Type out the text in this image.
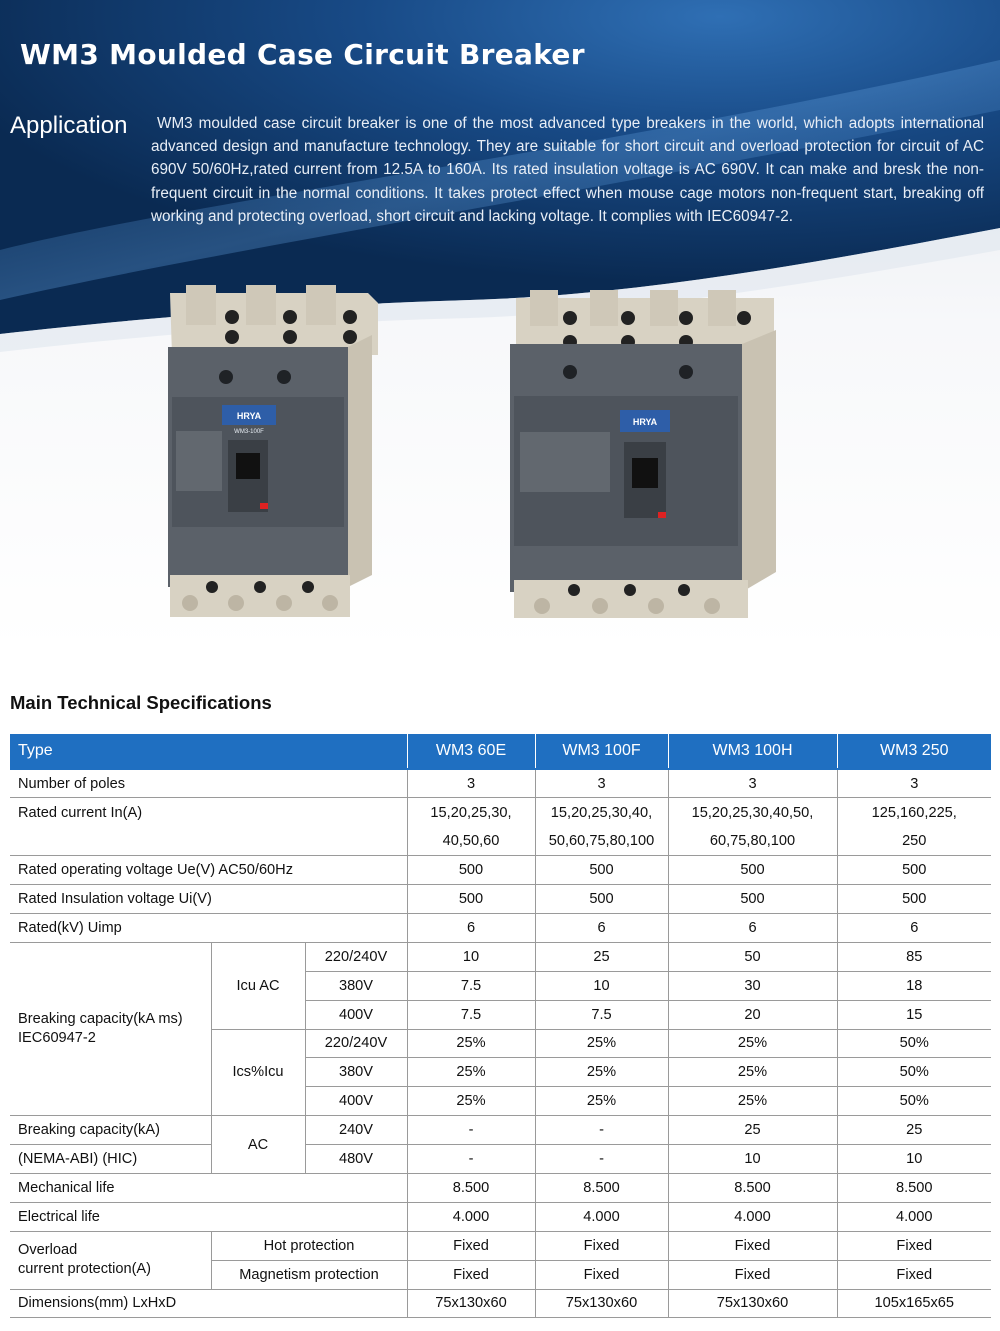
WM3 Moulded Case Circuit Breaker
Application	WM3 moulded case circuit breaker is one of the most advanced type breakers in the world, which adopts international advanced design and manufacture technology. They are suitable for short circuit and overload protection for circuit of AC 690V 50/60Hz,rated current from 12.5A to 160A. Its rated insulation voltage is AC 690V. It can make and bresk the non-frequent circuit in the normal conditions. It takes protect effect when mouse cage motors non-frequent start, breaking off working and protecting overload, short circuit and lacking voltage. It complies with IEC60947-2.
HRYA
WM3-100F
HRYA
Main Technical Specifications
Type			WM3 60E	WM3 100F	WM3 100H	WM3 250
Number of poles			3	3	3	3
Rated current In(A)			15,20,25,30,	15,20,25,30,40,	15,20,25,30,40,50,	125,160,225,
			40,50,60	50,60,75,80,100	60,75,80,100	250
Rated operating voltage Ue(V) AC50/60Hz			500	500	500	500
Rated Insulation voltage Ui(V)			500	500	500	500
Rated(kV) Uimp			6	6	6	6

Breaking capacity(kA ms)
IEC60947-2	Icu AC	220/240V	10	25	50	85
		380V	7.5	10	30	18
		400V	7.5	7.5	20	15
	Ics%Icu	220/240V	25%	25%	25%	50%
		380V	25%	25%	25%	50%
		400V	25%	25%	25%	50%
Breaking capacity(kA)	AC	240V	-	-	25	25
(NEMA-ABI) (HIC)		480V	-	-	10	10
Mechanical life			8.500	8.500	8.500	8.500
Electrical life			4.000	4.000	4.000	4.000

Overload
current protection(A)	Hot protection		Fixed	Fixed	Fixed	Fixed
	Magnetism protection		Fixed	Fixed	Fixed	Fixed
Dimensions(mm) LxHxD			75x130x60	75x130x60	75x130x60	105x165x65
